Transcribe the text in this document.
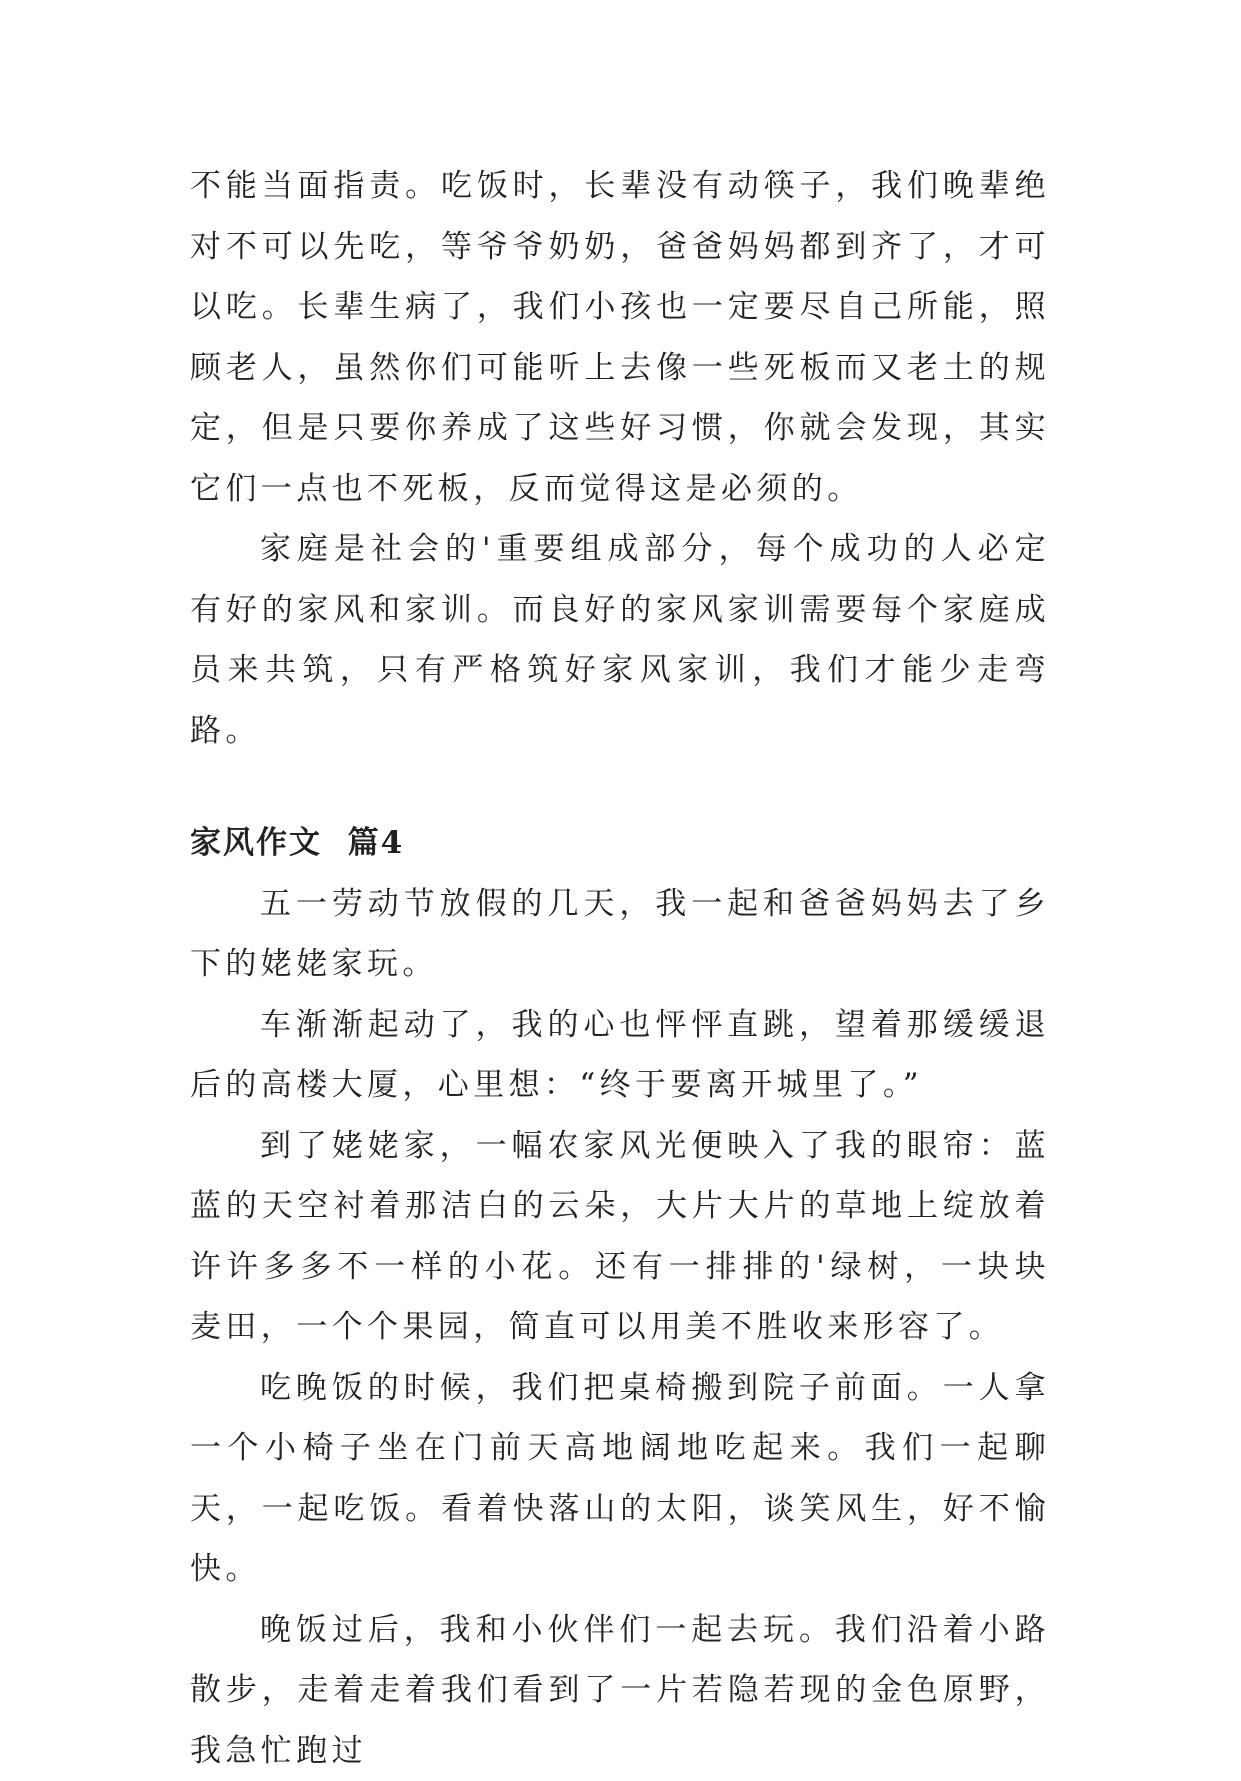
不能当面指责。吃饭时，长辈没有动筷子，我们晚辈绝对不可以先吃，等爷爷奶奶，爸爸妈妈都到齐了，才可以吃。长辈生病了，我们小孩也一定要尽自己所能，照顾老人，虽然你们可能听上去像一些死板而又老土的规定，但是只要你养成了这些好习惯，你就会发现，其实它们一点也不死板，反而觉得这是必须的。

家庭是社会的'重要组成部分，每个成功的人必定有好的家风和家训。而良好的家风家训需要每个家庭成员来共筑，只有严格筑好家风家训，我们才能少走弯路。

家风作文  篇4

五一劳动节放假的几天，我一起和爸爸妈妈去了乡下的姥姥家玩。

车渐渐起动了，我的心也怦怦直跳，望着那缓缓退后的高楼大厦，心里想：“终于要离开城里了。”

到了姥姥家，一幅农家风光便映入了我的眼帘：蓝蓝的天空衬着那洁白的云朵，大片大片的草地上绽放着许许多多不一样的小花。还有一排排的'绿树，一块块麦田，一个个果园，简直可以用美不胜收来形容了。

吃晚饭的时候，我们把桌椅搬到院子前面。一人拿一个小椅子坐在门前天高地阔地吃起来。我们一起聊天，一起吃饭。看着快落山的太阳，谈笑风生，好不愉快。

晚饭过后，我和小伙伴们一起去玩。我们沿着小路散步，走着走着我们看到了一片若隐若现的金色原野，我急忙跑过
